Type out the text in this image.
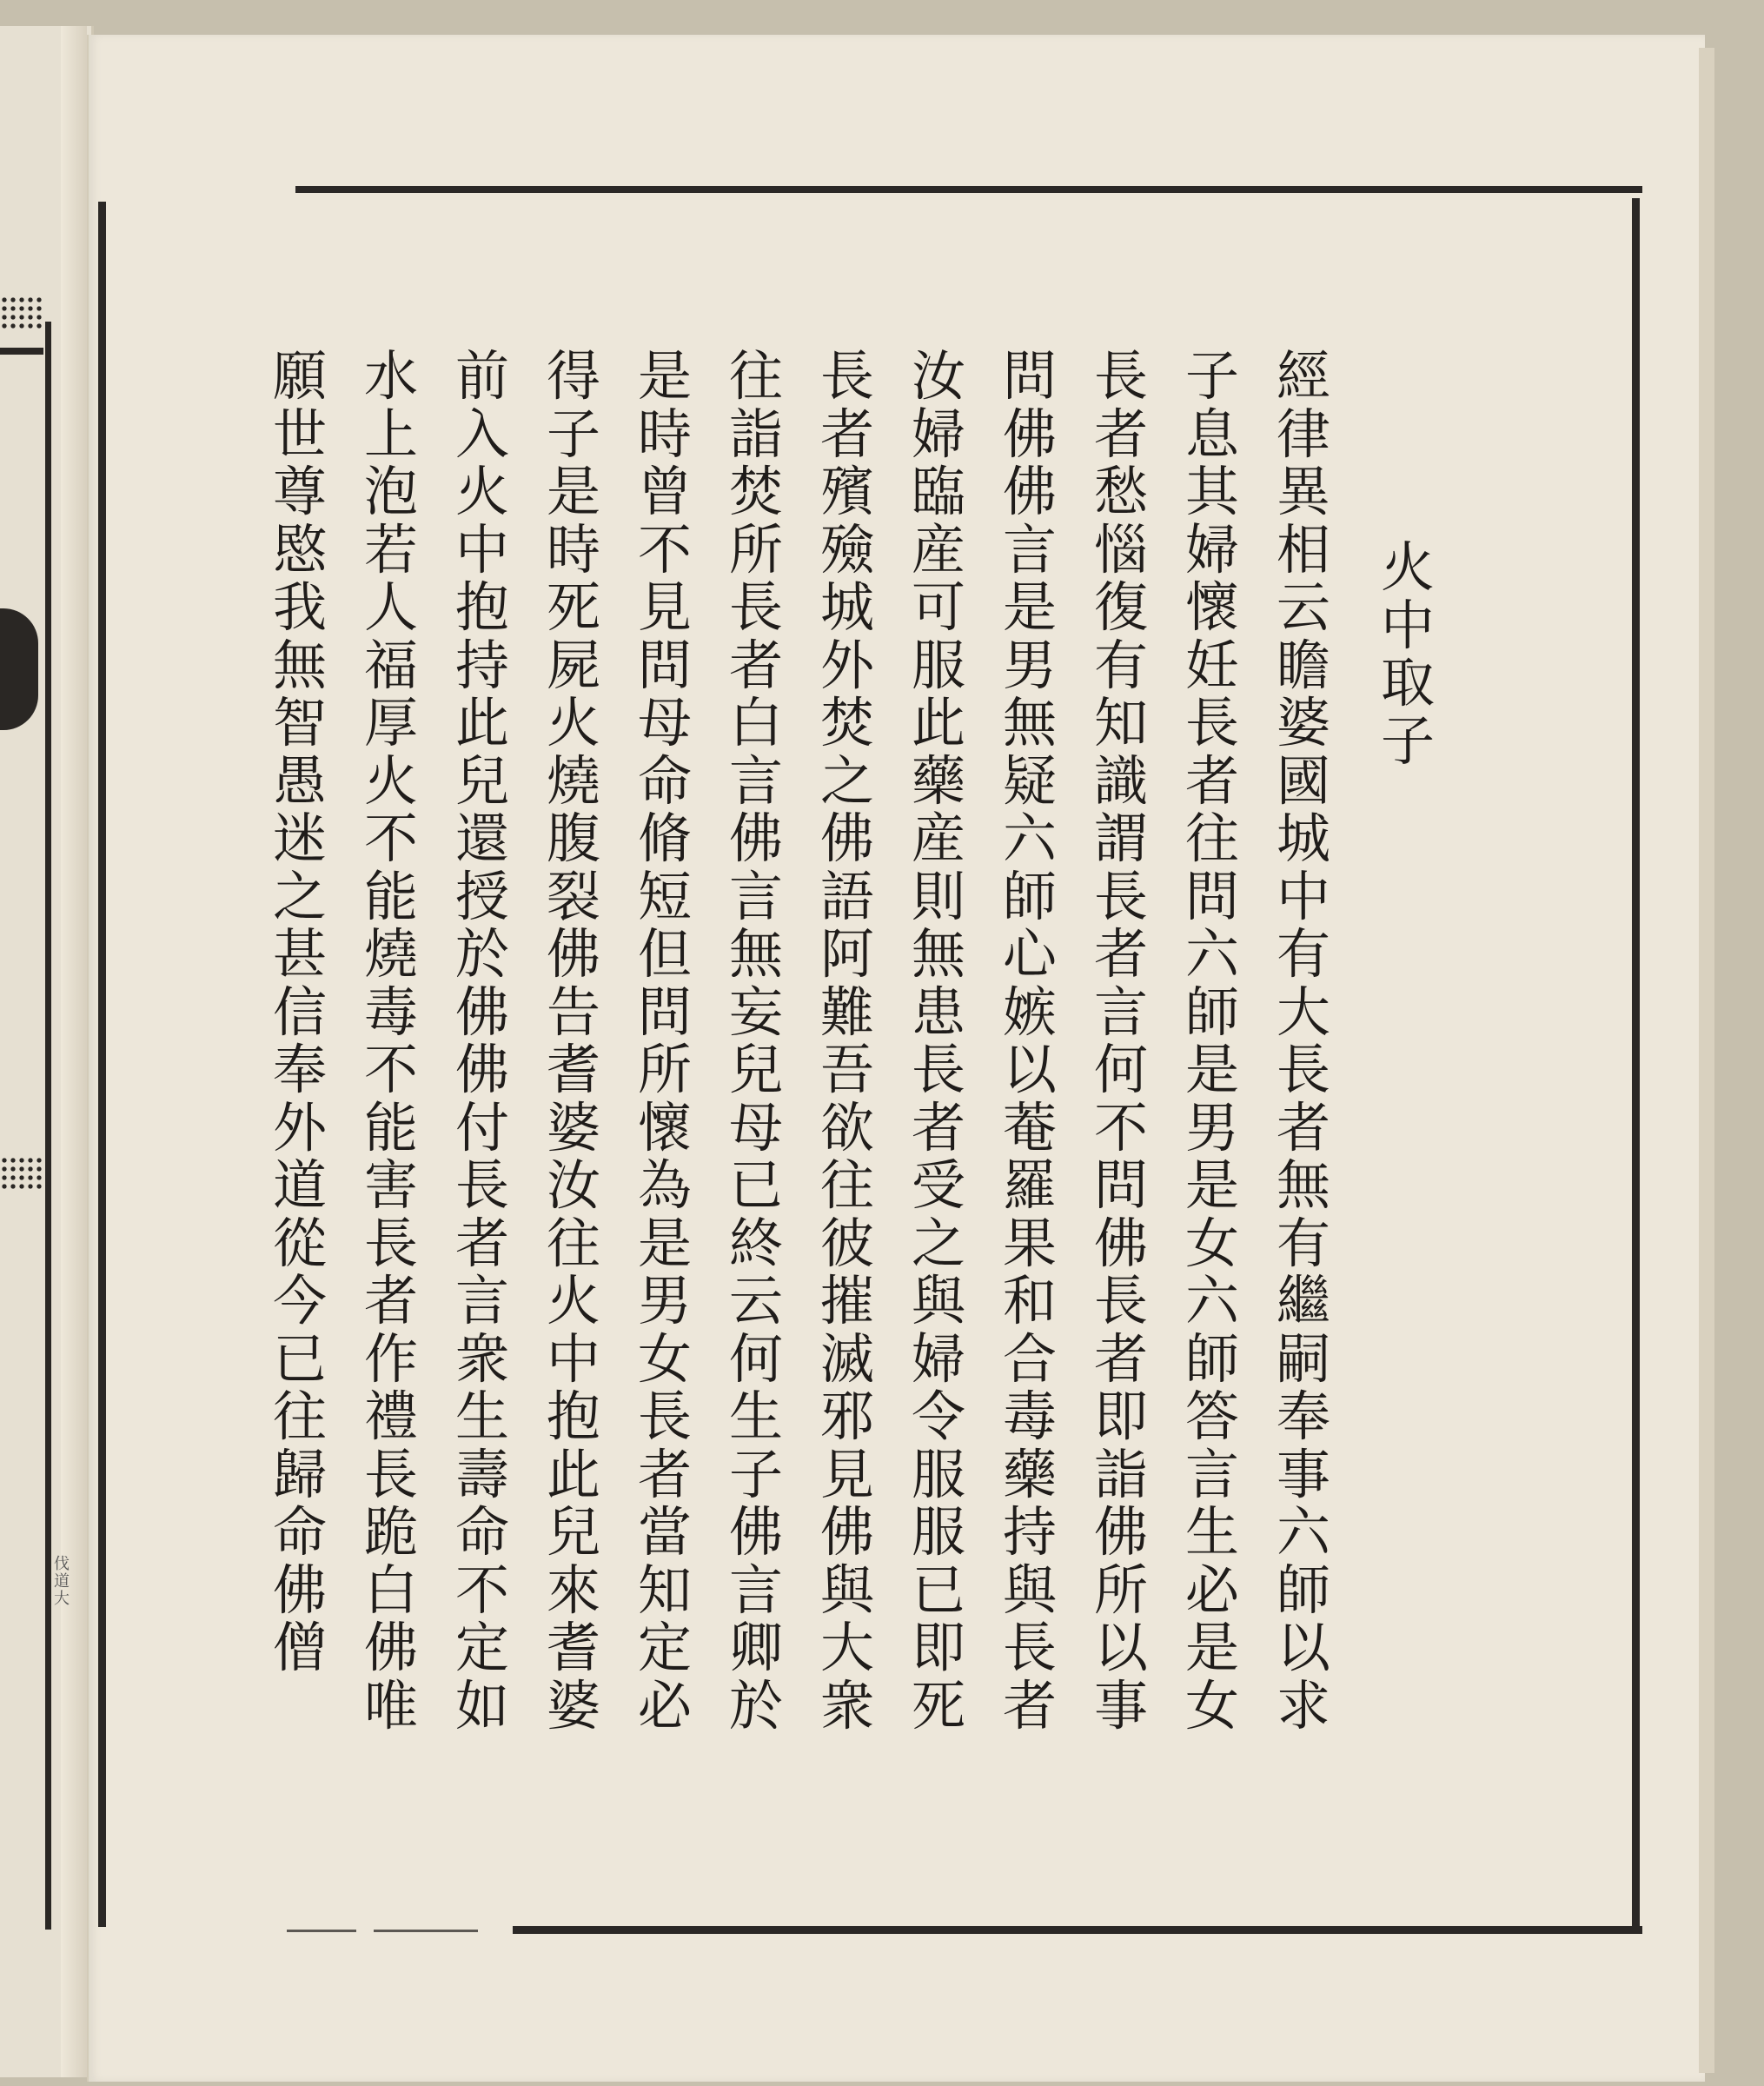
伐道大
火中取子

經律異相云瞻婆國城中有大長者無有繼嗣奉事六師以求

子息其婦懷妊長者往問六師是男是女六師答言生必是女

長者愁惱復有知識謂長者言何不問佛長者即詣佛所以事

問佛佛言是男無疑六師心嫉以菴羅果和合毒藥持與長者

汝婦臨産可服此藥産則無患長者受之與婦令服服已即死

長者殯殮城外焚之佛語阿難吾欲往彼摧滅邪見佛與大衆

往詣焚所長者白言佛言無妄兒母已終云何生子佛言卿於

是時曾不見問母命脩短但問所懷為是男女長者當知定必

得子是時死屍火燒腹裂佛告耆婆汝往火中抱此兒來耆婆

前入火中抱持此兒還授於佛佛付長者言衆生壽命不定如

水上泡若人福厚火不能燒毒不能害長者作禮長跪白佛唯

願世尊愍我無智愚迷之甚信奉外道從今已往歸命佛僧
